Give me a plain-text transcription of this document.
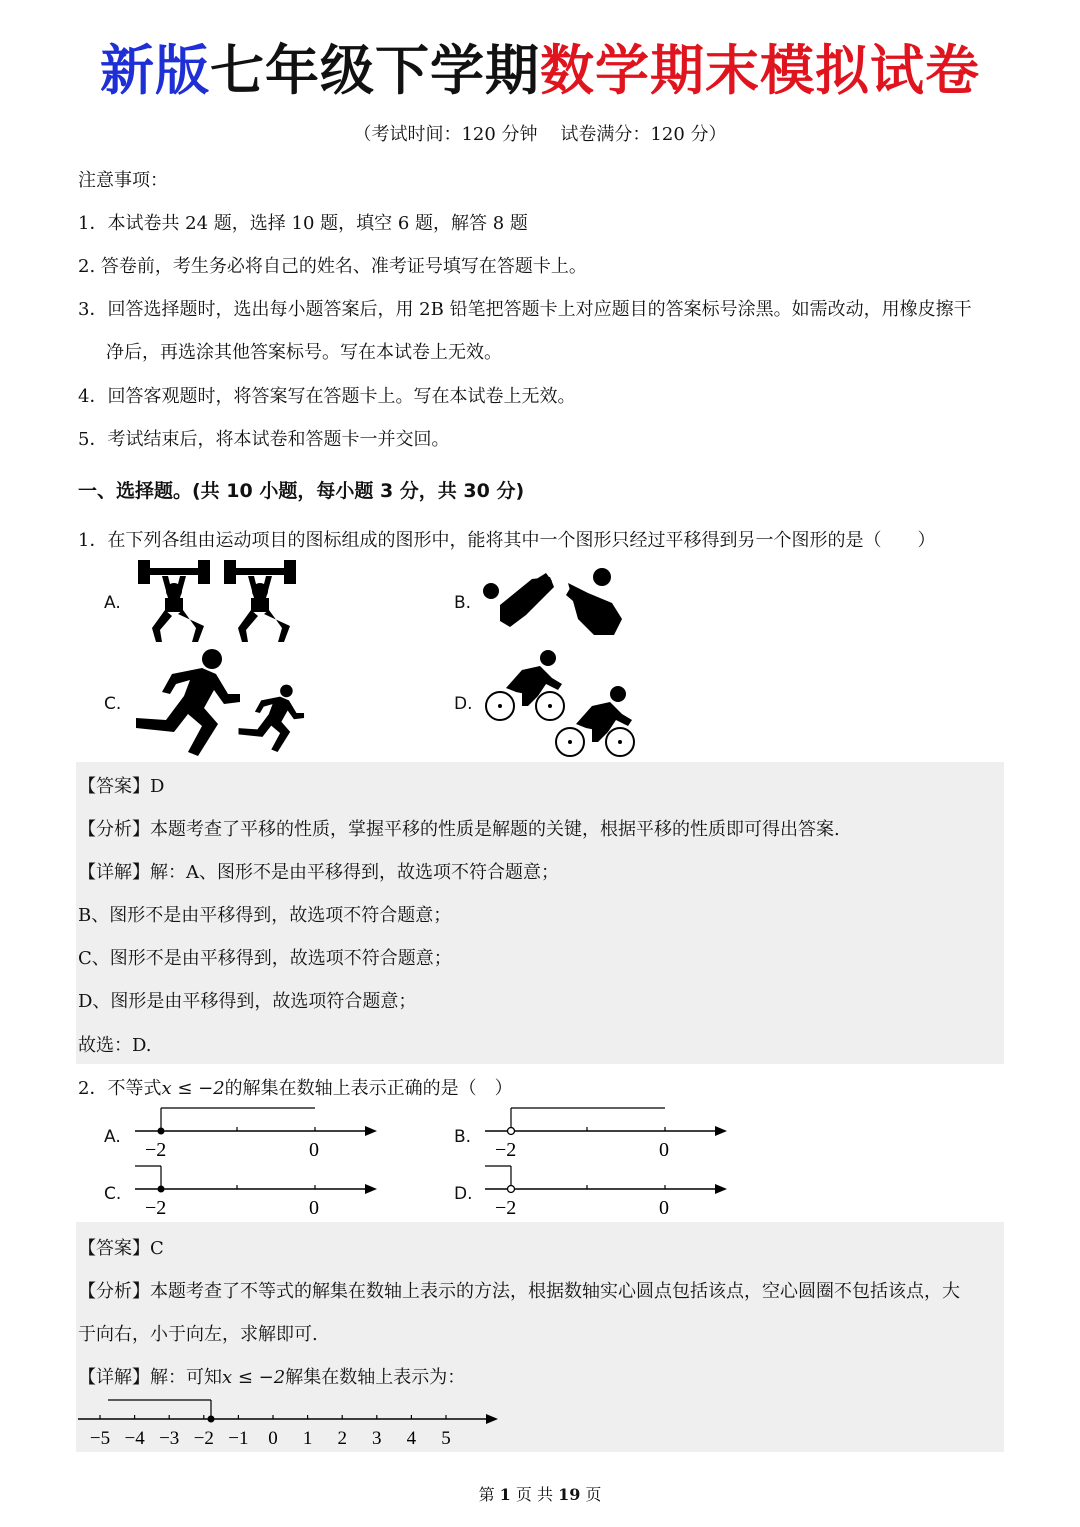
新版七年级下学期数学期末模拟试卷
（考试时间：120 分钟    试卷满分：120 分）
注意事项：
1．本试卷共 24 题，选择 10 题，填空 6 题，解答 8 题
2. 答卷前，考生务必将自己的姓名、准考证号填写在答题卡上。
3．回答选择题时，选出每小题答案后，用 2B 铅笔把答题卡上对应题目的答案标号涂黑。如需改动，用橡皮擦干
净后，再选涂其他答案标号。写在本试卷上无效。
4．回答客观题时，将答案写在答题卡上。写在本试卷上无效。
5．考试结束后，将本试卷和答题卡一并交回。
一、选择题。(共 10 小题，每小题 3 分，共 30 分)
1．在下列各组由运动项目的图标组成的图形中，能将其中一个图形只经过平移得到另一个图形的是（　　）
A.	B.
C.	D.
【答案】D
【分析】本题考查了平移的性质，掌握平移的性质是解题的关键，根据平移的性质即可得出答案.
【详解】解：A、图形不是由平移得到，故选项不符合题意；
B、图形不是由平移得到，故选项不符合题意；
C、图形不是由平移得到，故选项不符合题意；
D、图形是由平移得到，故选项符合题意；
故选：D.
2．不等式x ≤ −2的解集在数轴上表示正确的是（　）
A.	B.
C.	D.
−2	0	−2	0
−2	0	−2	0
【答案】C
【分析】本题考查了不等式的解集在数轴上表示的方法，根据数轴实心圆点包括该点，空心圆圈不包括该点，大
于向右，小于向左，求解即可.
【详解】解：可知x ≤ −2解集在数轴上表示为：
−5 −4 −3 −2 −1 0 1 2 3 4 5
第 1 页 共 19 页
